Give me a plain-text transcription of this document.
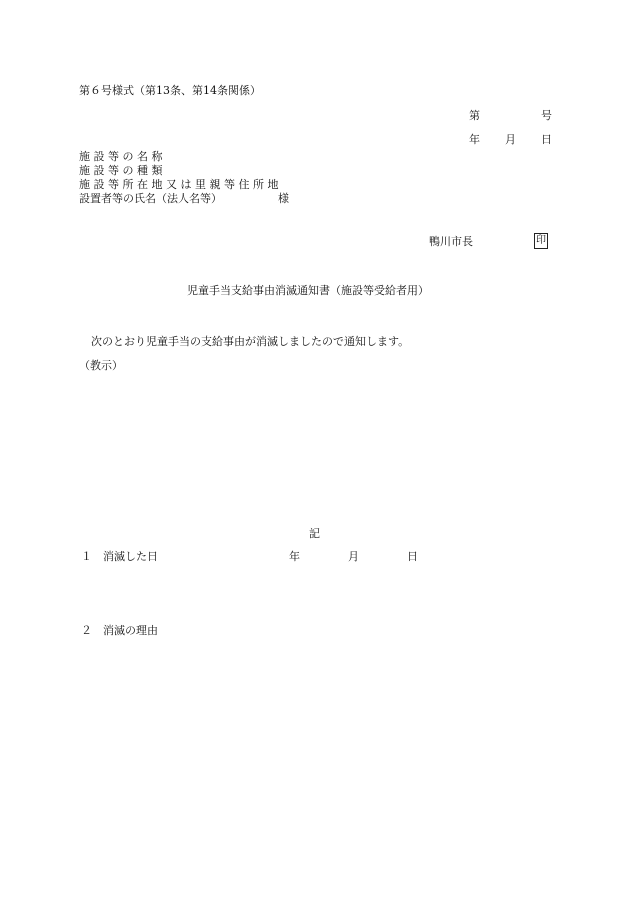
第６号様式（第13条、第14条関係）
第	号
年 月 日
施 設 等 の 名 称
施 設 等 の 種 類
施 設 等 所 在 地 又 は 里 親 等 住 所 地
設置者等の氏名（法人名等）	様
鴨川市長	印
児童手当支給事由消滅通知書（施設等受給者用）
次のとおり児童手当の支給事由が消滅しましたので通知します。
（教示）
記
１ 消滅した日	年	月	日
２ 消滅の理由
